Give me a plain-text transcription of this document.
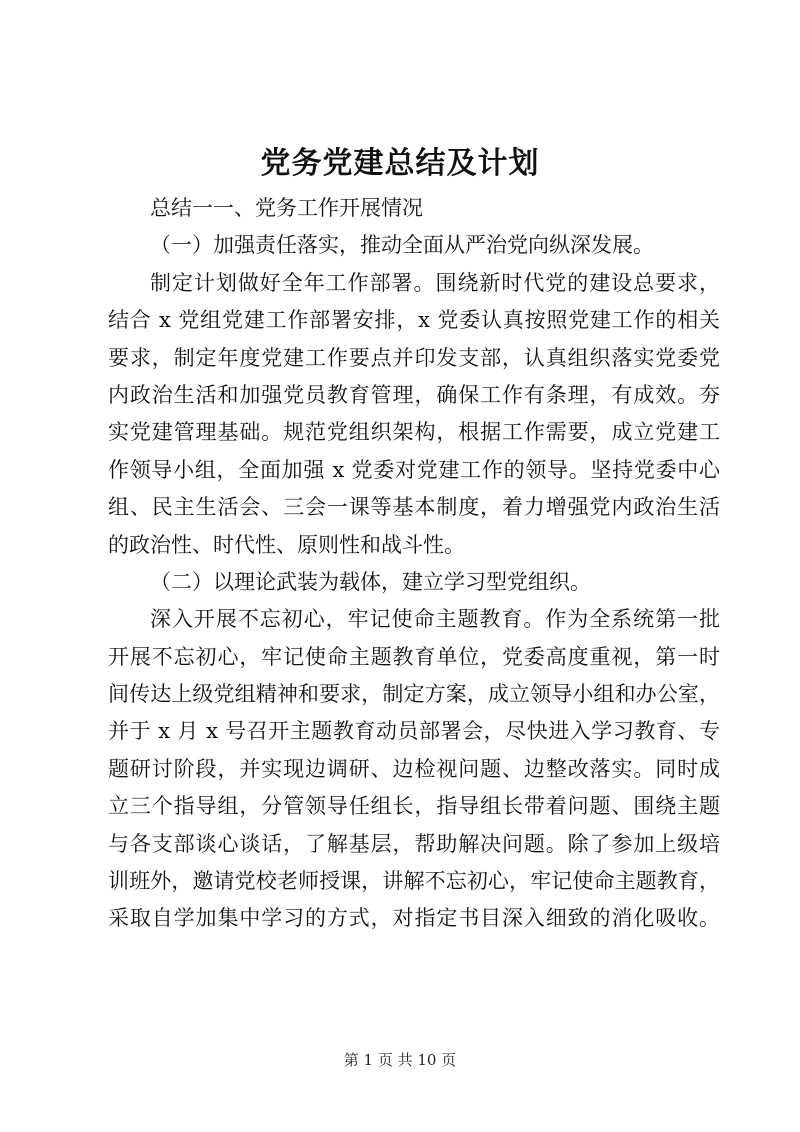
党务党建总结及计划
总结一一、党务工作开展情况
（一）加强责任落实，推动全面从严治党向纵深发展。
制定计划做好全年工作部署。围绕新时代党的建设总要求，
结合 x 党组党建工作部署安排，x 党委认真按照党建工作的相关
要求，制定年度党建工作要点并印发支部，认真组织落实党委党
内政治生活和加强党员教育管理，确保工作有条理，有成效。夯
实党建管理基础。规范党组织架构，根据工作需要，成立党建工
作领导小组，全面加强 x 党委对党建工作的领导。坚持党委中心
组、民主生活会、三会一课等基本制度，着力增强党内政治生活
的政治性、时代性、原则性和战斗性。
（二）以理论武装为载体，建立学习型党组织。
深入开展不忘初心，牢记使命主题教育。作为全系统第一批
开展不忘初心，牢记使命主题教育单位，党委高度重视，第一时
间传达上级党组精神和要求，制定方案，成立领导小组和办公室，
并于 x 月 x 号召开主题教育动员部署会，尽快进入学习教育、专
题研讨阶段，并实现边调研、边检视问题、边整改落实。同时成
立三个指导组，分管领导任组长，指导组长带着问题、围绕主题
与各支部谈心谈话，了解基层，帮助解决问题。除了参加上级培
训班外，邀请党校老师授课，讲解不忘初心，牢记使命主题教育，
采取自学加集中学习的方式，对指定书目深入细致的消化吸收。
第 1 页 共 10 页
